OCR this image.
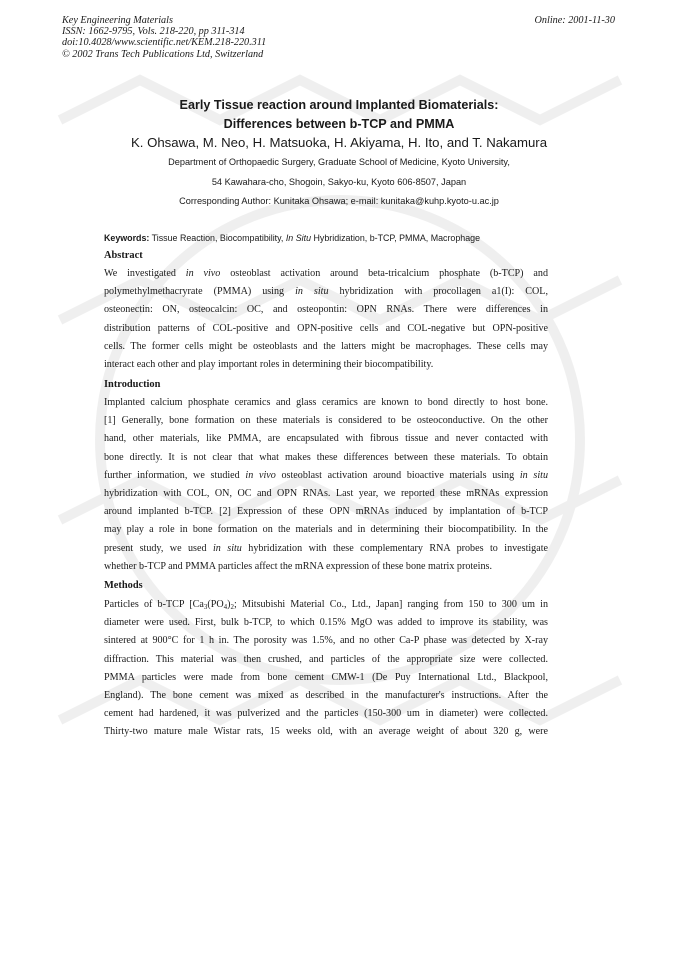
Key Engineering Materials
ISSN: 1662-9795, Vols. 218-220, pp 311-314
doi:10.4028/www.scientific.net/KEM.218-220.311
© 2002 Trans Tech Publications Ltd, Switzerland
Online: 2001-11-30
Early Tissue reaction around Implanted Biomaterials:
Differences between b-TCP and PMMA
K. Ohsawa, M. Neo, H. Matsuoka, H. Akiyama, H. Ito, and T. Nakamura
Department of Orthopaedic Surgery, Graduate School of Medicine, Kyoto University,
54 Kawahara-cho, Shogoin, Sakyo-ku, Kyoto 606-8507, Japan
Corresponding Author: Kunitaka Ohsawa; e-mail: kunitaka@kuhp.kyoto-u.ac.jp
Keywords: Tissue Reaction, Biocompatibility, In Situ Hybridization, b-TCP, PMMA, Macrophage
Abstract
We investigated in vivo osteoblast activation around beta-tricalcium phosphate (b-TCP) and
polymethylmethacryrate (PMMA) using in situ hybridization with procollagen a1(I): COL,
osteonectin: ON, osteocalcin: OC, and osteopontin: OPN RNAs. There were differences in
distribution patterns of COL-positive and OPN-positive cells and COL-negative but OPN-positive
cells. The former cells might be osteoblasts and the latters might be macrophages. These cells may
interact each other and play important roles in determining their biocompatibility.
Introduction
Implanted calcium phosphate ceramics and glass ceramics are known to bond directly to host bone.
[1] Generally, bone formation on these materials is considered to be osteoconductive. On the other
hand, other materials, like PMMA, are encapsulated with fibrous tissue and never contacted with
bone directly. It is not clear that what makes these differences between these materials. To obtain
further information, we studied in vivo osteoblast activation around bioactive materials using in situ
hybridization with COL, ON, OC and OPN RNAs. Last year, we reported these mRNAs expression
around implanted b-TCP. [2] Expression of these OPN mRNAs induced by implantation of b-TCP
may play a role in bone formation on the materials and in determining their biocompatibility. In the
present study, we used in situ hybridization with these complementary RNA probes to investigate
whether b-TCP and PMMA particles affect the mRNA expression of these bone matrix proteins.
Methods
Particles of b-TCP [$Ca_3(PO_4)_2$; Mitsubishi Material Co., Ltd., Japan] ranging from 150 to 300 um in
diameter were used. First, bulk b-TCP, to which 0.15% MgO was added to improve its stability, was
sintered at 900°C for 1 h in. The porosity was 1.5%, and no other Ca-P phase was detected by X-ray
diffraction. This material was then crushed, and particles of the appropriate size were collected.
PMMA particles were made from bone cement CMW-1 (De Puy International Ltd., Blackpool,
England). The bone cement was mixed as described in the manufacturer's instructions. After the
cement had hardened, it was pulverized and the particles (150-300 um in diameter) were collected.
Thirty-two mature male Wistar rats, 15 weeks old, with an average weight of about 320 g, were
